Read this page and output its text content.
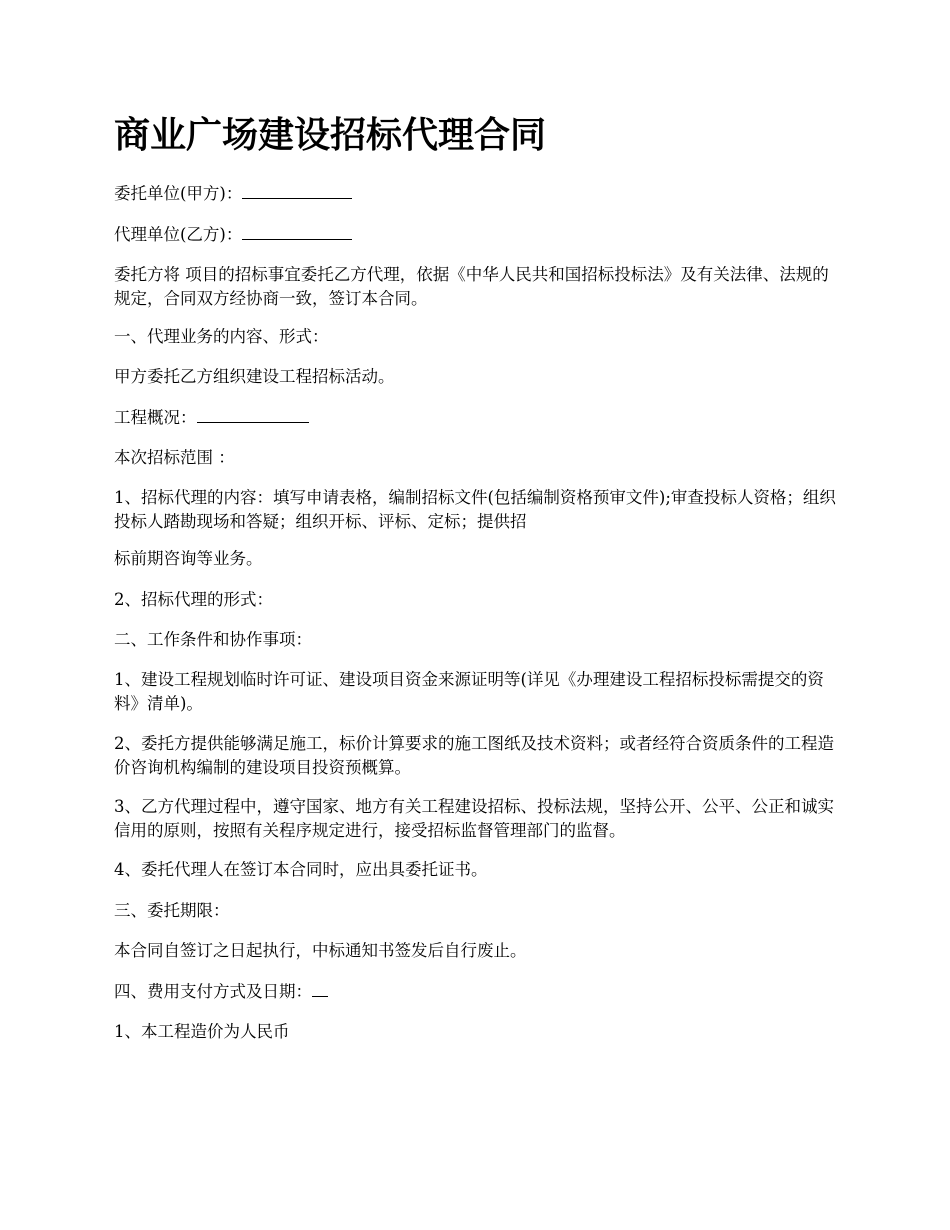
商业广场建设招标代理合同

委托单位(甲方)：

代理单位(乙方)：

委托方将 项目的招标事宜委托乙方代理，依据《中华人民共和国招标投标法》及有关法律、法规的规定，合同双方经协商一致，签订本合同。

一、代理业务的内容、形式：

甲方委托乙方组织建设工程招标活动。

工程概况：

本次招标范围 ：

1、招标代理的内容：填写申请表格，编制招标文件(包括编制资格预审文件);审查投标人资格；组织投标人踏勘现场和答疑；组织开标、评标、定标；提供招

标前期咨询等业务。

2、招标代理的形式：

二、工作条件和协作事项：

1、建设工程规划临时许可证、建设项目资金来源证明等(详见《办理建设工程招标投标需提交的资料》清单)。

2、委托方提供能够满足施工，标价计算要求的施工图纸及技术资料；或者经符合资质条件的工程造价咨询机构编制的建设项目投资预概算。

3、乙方代理过程中，遵守国家、地方有关工程建设招标、投标法规，坚持公开、公平、公正和诚实信用的原则，按照有关程序规定进行，接受招标监督管理部门的监督。

4、委托代理人在签订本合同时，应出具委托证书。

三、委托期限：

本合同自签订之日起执行，中标通知书签发后自行废止。

四、费用支付方式及日期：

1、本工程造价为人民币
